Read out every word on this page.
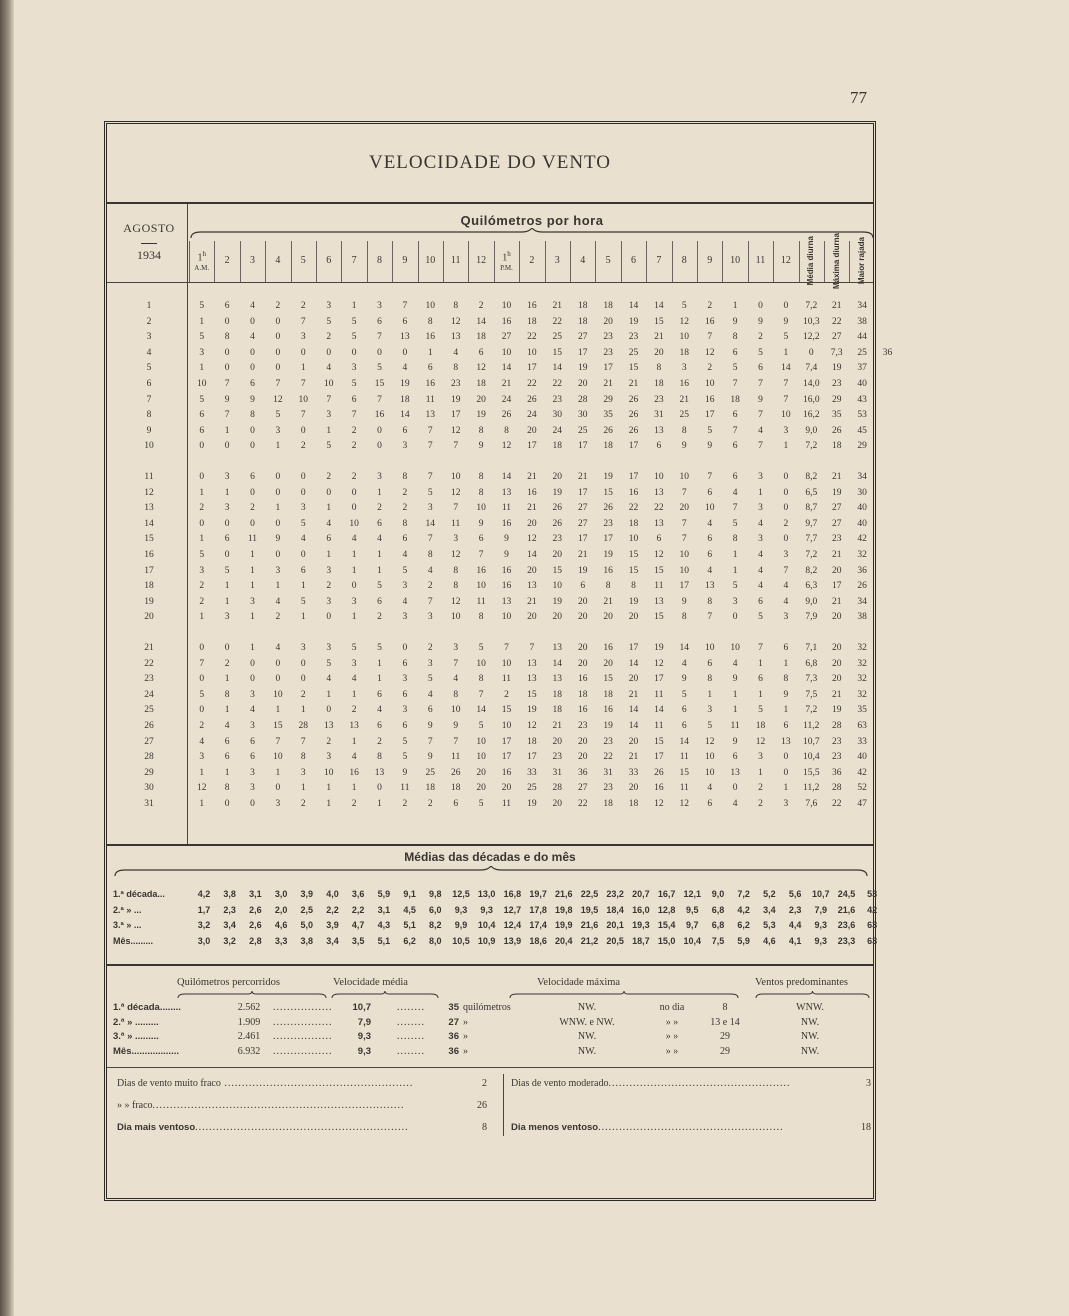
77
VELOCIDADE DO VENTO
AGOSTO
1934
Quilómetros por hora
1$^h$
A.M.
2 3 4 5 6 7 8 9 10 11 12 1$^h$
P.M.
2 3 4 5 6 7 8 9 10 11 12 Média diurna Máxima diurna Maior rajada
1	5	6	4	2	2	3	1	3	7	10	8	2	10	16	21	18	18	14	14	5	2	1	0	0	7,2	21	34
2	1	0	0	0	7	5	5	6	6	8	12	14	16	18	22	18	20	19	15	12	16	9	9	9	10,3	22	38
3	5	8	4	0	3	2	5	7	13	16	13	18	27	22	25	27	23	23	21	10	7	8	2	5	12,2	27	44
4	3	0	0	0	0	0	0	0	0	1	4	6	10	10	15	17	23	25	20	18	12	6	5	1	0	7,3	25	36
5	1	0	0	0	1	4	3	5	4	6	8	12	14	17	14	19	17	15	8	3	2	5	6	14	7,4	19	37
6	10	7	6	7	7	10	5	15	19	16	23	18	21	22	22	20	21	21	18	16	10	7	7	7	14,0	23	40
7	5	9	9	12	10	7	6	7	18	11	19	20	24	26	23	28	29	26	23	21	16	18	9	7	16,0	29	43
8	6	7	8	5	7	3	7	16	14	13	17	19	26	24	30	30	35	26	31	25	17	6	7	10	16,2	35	53
9	6	1	0	3	0	1	2	0	6	7	12	8	8	20	24	25	26	26	13	8	5	7	4	3	9,0	26	45
10	0	0	0	1	2	5	2	0	3	7	7	9	12	17	18	17	18	17	6	9	9	6	7	1	7,2	18	29
11	0	3	6	0	0	2	2	3	8	7	10	8	14	21	20	21	19	17	10	10	7	6	3	0	8,2	21	34
12	1	1	0	0	0	0	0	1	2	5	12	8	13	16	19	17	15	16	13	7	6	4	1	0	6,5	19	30
13	2	3	2	1	3	1	0	2	2	3	7	10	11	21	26	27	26	22	22	20	10	7	3	0	8,7	27	40
14	0	0	0	0	5	4	10	6	8	14	11	9	16	20	26	27	23	18	13	7	4	5	4	2	9,7	27	40
15	1	6	11	9	4	6	4	4	6	7	3	6	9	12	23	17	17	10	6	7	6	8	3	0	7,7	23	42
16	5	0	1	0	0	1	1	1	4	8	12	7	9	14	20	21	19	15	12	10	6	1	4	3	7,2	21	32
17	3	5	1	3	6	3	1	1	5	4	8	16	16	20	15	19	16	15	15	10	4	1	4	7	8,2	20	36
18	2	1	1	1	1	2	0	5	3	2	8	10	16	13	10	6	8	8	11	17	13	5	4	4	6,3	17	26
19	2	1	3	4	5	3	3	6	4	7	12	11	13	21	19	20	21	19	13	9	8	3	6	4	9,0	21	34
20	1	3	1	2	1	0	1	2	3	3	10	8	10	20	20	20	20	20	15	8	7	0	5	3	7,9	20	38
21	0	0	1	4	3	3	5	5	0	2	3	5	7	7	13	20	16	17	19	14	10	10	7	6	7,1	20	32
22	7	2	0	0	0	5	3	1	6	3	7	10	10	13	14	20	20	14	12	4	6	4	1	1	6,8	20	32
23	0	1	0	0	0	4	4	1	3	5	4	8	11	13	13	16	15	20	17	9	8	9	6	8	7,3	20	32
24	5	8	3	10	2	1	1	6	6	4	8	7	2	15	18	18	18	21	11	5	1	1	1	9	7,5	21	32
25	0	1	4	1	1	0	2	4	3	6	10	14	15	19	18	16	16	14	14	6	3	1	5	1	7,2	19	35
26	2	4	3	15	28	13	13	6	6	9	9	5	10	12	21	23	19	14	11	6	5	11	18	6	11,2	28	63
27	4	6	6	7	7	2	1	2	5	7	7	10	17	18	20	20	23	20	15	14	12	9	12	13	10,7	23	33
28	3	6	6	10	8	3	4	8	5	9	11	10	17	17	23	20	22	21	17	11	10	6	3	0	10,4	23	40
29	1	1	3	1	3	10	16	13	9	25	26	20	16	33	31	36	31	33	26	15	10	13	1	0	15,5	36	42
30	12	8	3	0	1	1	1	0	11	18	18	20	20	25	28	27	23	20	16	11	4	0	2	1	11,2	28	52
31	1	0	0	3	2	1	2	1	2	2	6	5	11	19	20	22	18	18	12	12	6	4	2	3	7,6	22	47
Médias das décadas e do mês
1.ª década...	4,2	3,8	3,1	3,0	3,9	4,0	3,6	5,9	9,1	9,8	12,5 13,0 16,8 19,7 21,6 22,5 23,2 20,7 16,7 12,1	9,0	7,2	5,2	5,6	10,7 24,5	53
2.ª » ...	1,7	2,3	2,6	2,0	2,5	2,2	2,2	3,1	4,5	6,0	9,3	9,3	12,7 17,8 19,8 19,5 18,4 16,0 12,8	9,5	6,8	4,2	3,4	2,3	7,9	21,6	42
3.ª » ...	3,2	3,4	2,6	4,6	5,0	3,9	4,7	4,3	5,1	8,2	9,9	10,4 12,4 17,4 19,9 21,6 20,1 19,3 15,4	9,7	6,8	6,2	5,3	4,4	9,3	23,6	63
Mês.........	3,0	3,2	2,8	3,3	3,8	3,4	3,5	5,1	6,2	8,0	10,5 10,9 13,9 18,6 20,4 21,2 20,5 18,7 15,0 10,4	7,5	5,9	4,6	4,1	9,3	23,3	63
Quilómetros percorridos	Velocidade média	Velocidade máxima	Ventos predominantes
1.ª década........	2.562	.................	10,7	........	35 quilómetros	NW.	no dia	8	WNW.
2.ª » .........	1.909	.................	7,9	........	27 »	WNW. e NW.	» »	13 e 14	NW.
3.ª » .........	2.461	.................	9,3	........	36 »	NW.	» »	29	NW.
Mês..................	6.932	.................	9,3	........	36 »	NW.	» »	29	NW.
Dias de vento muito fraco ......................................................	2
» » fraco........................................................................	26
Dia mais ventoso.............................................................	8
Dias de vento moderado....................................................	3
Dia menos ventoso.....................................................	18
